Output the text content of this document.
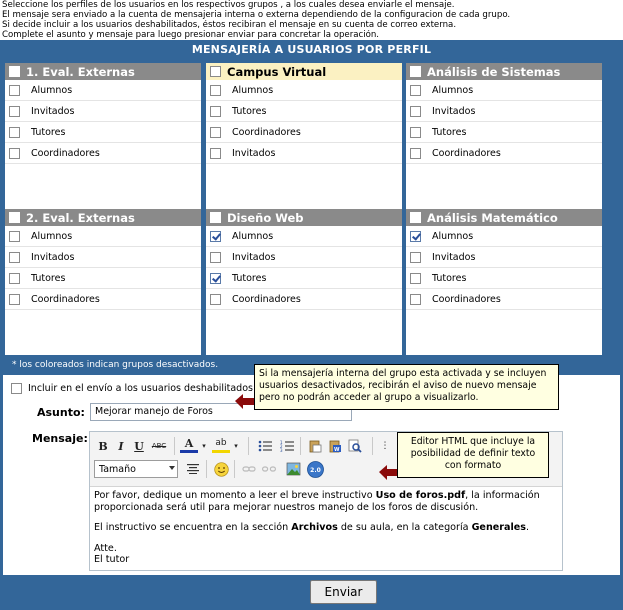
Seleccione los perfiles de los usuarios en los respectivos grupos , a los cuales desea enviarle el mensaje.
El mensaje sera enviado a la cuenta de mensajeria interna o externa dependiendo de la configuracion de cada grupo.
Si decide incluir a los usuarios deshabilitados, éstos recibiran el mensaje en su cuenta de correo externa.
Complete el asunto y mensaje para luego presionar enviar para concretar la operación.
MENSAJERÍA A USUARIOS POR PERFIL
1. Eval. Externas
Alumnos
Invitados
Tutores
Coordinadores
Campus Virtual
Alumnos
Tutores
Coordinadores
Invitados
Análisis de Sistemas
Alumnos
Invitados
Tutores
Coordinadores
2. Eval. Externas
Alumnos
Invitados
Tutores
Coordinadores
Diseño Web
Alumnos
Invitados
Tutores
Coordinadores
Análisis Matemático
Alumnos
Invitados
Tutores
Coordinadores
* los coloreados indican grupos desactivados.
Incluir en el envío a los usuarios deshabilitados
Asunto:	Mejorar manejo de Foros
Mensaje:
B I U	ABC	A	▾	ab	▾	1
2
3	W	⋮
Tamaño	2.0

Por favor, dedique un momento a leer el breve instructivo Uso de foros.pdf, la información proporcionada será util para mejorar nuestros manejo de los foros de discusión.

El instructivo se encuentra en la sección Archivos de su aula, en la categoría Generales.

Atte.
El tutor
Enviar
Si la mensajería interna del grupo esta activada y se incluyen usuarios desactivados, recibirán el aviso de nuevo mensaje pero no podrán acceder al grupo a visualizarlo.
Editor HTML que incluye la posibilidad de definir texto con formato
